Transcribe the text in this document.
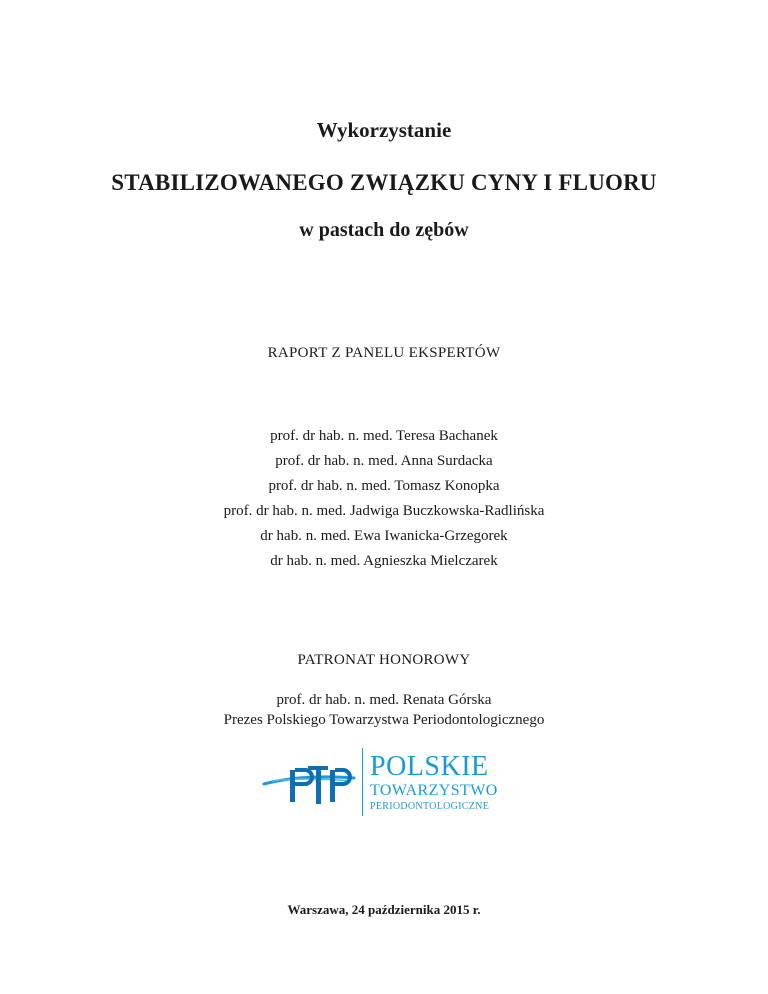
Wykorzystanie
STABILIZOWANEGO ZWIĄZKU CYNY I FLUORU
w pastach do zębów
RAPORT Z PANELU EKSPERTÓW
prof. dr hab. n. med. Teresa Bachanek
prof. dr hab. n. med. Anna Surdacka
prof. dr hab. n. med. Tomasz Konopka
prof. dr hab. n. med. Jadwiga Buczkowska-Radlińska
dr hab. n. med. Ewa Iwanicka-Grzegorek
dr hab. n. med. Agnieszka Mielczarek
PATRONAT HONOROWY
prof. dr hab. n. med. Renata Górska
Prezes Polskiego Towarzystwa Periodontologicznego
POLSKIE
TOWARZYSTWO
PERIODONTOLOGICZNE
Warszawa, 24 października 2015 r.
